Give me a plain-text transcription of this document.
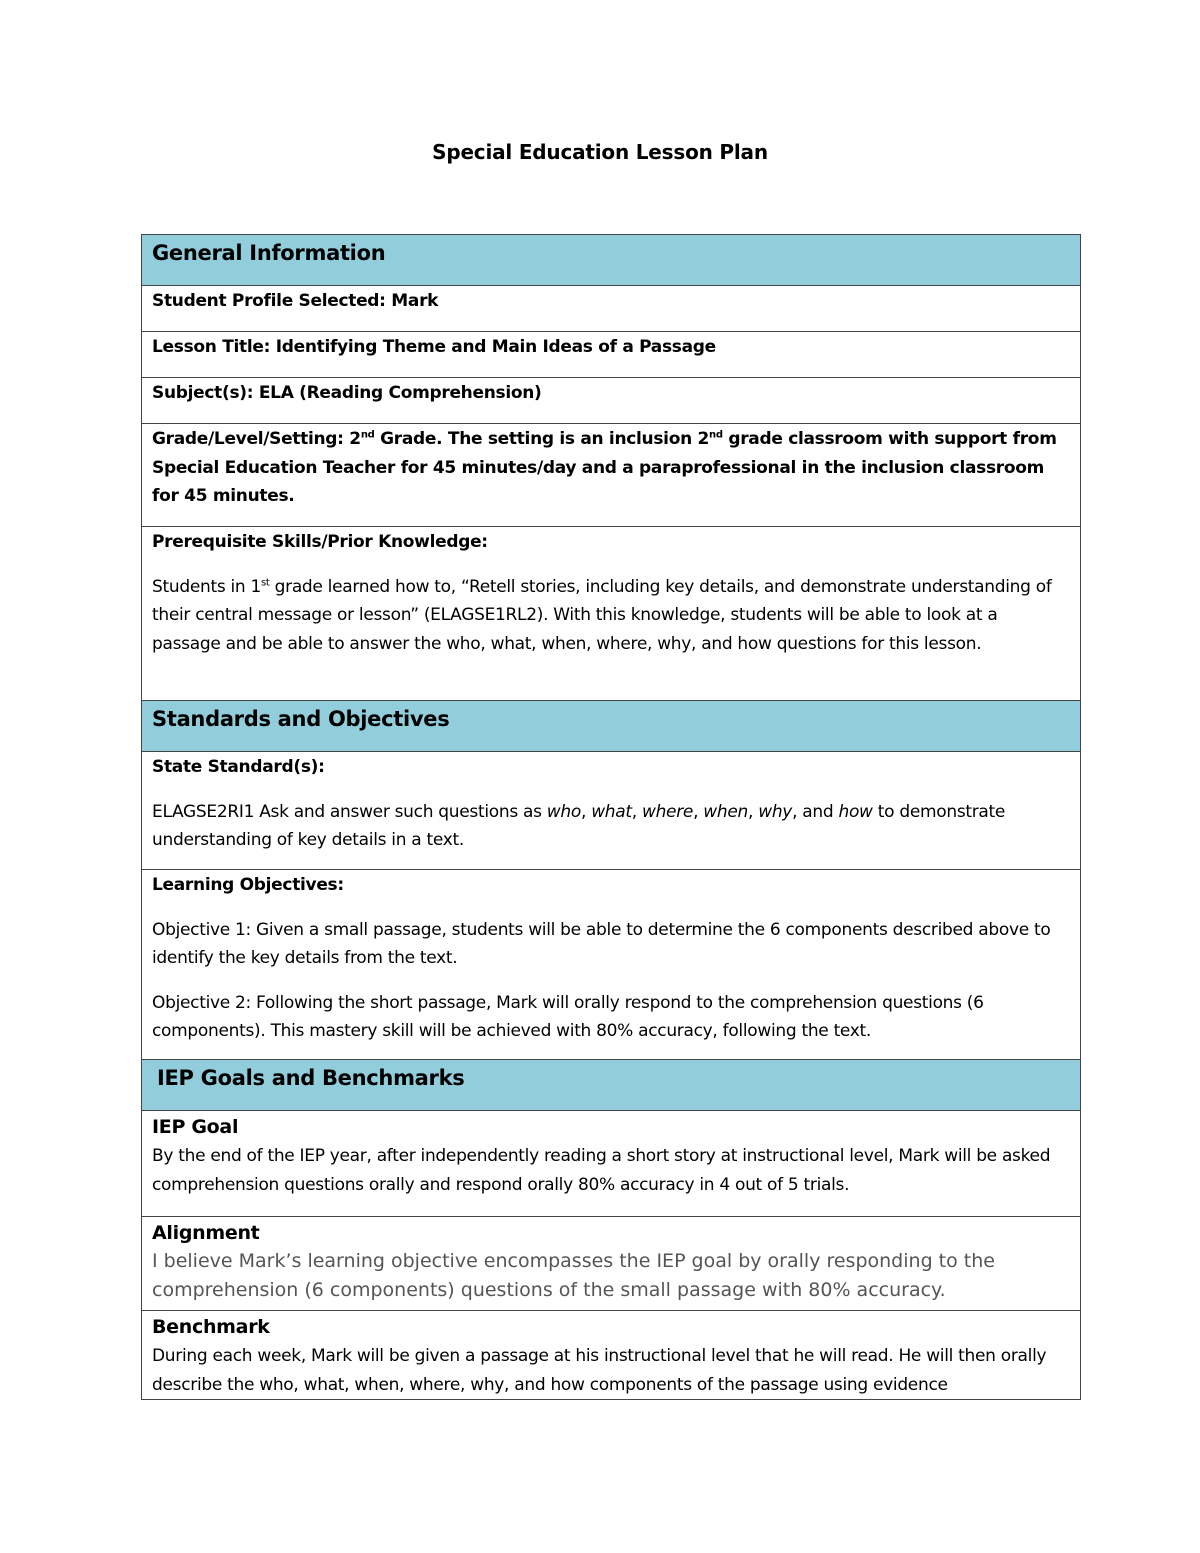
Special Education Lesson Plan
General Information

Student Profile Selected: Mark
Lesson Title: Identifying Theme and Main Ideas of a Passage
Subject(s): ELA (Reading Comprehension)
Grade/Level/Setting: 2nd Grade. The setting is an inclusion 2nd grade classroom with support from Special Education Teacher for 45 minutes/day and a paraprofessional in the inclusion classroom for 45 minutes.
Prerequisite Skills/Prior Knowledge:
Students in 1st grade learned how to, “Retell stories, including key details, and demonstrate understanding of their central message or lesson” (ELAGSE1RL2). With this knowledge, students will be able to look at a passage and be able to answer the who, what, when, where, why, and how questions for this lesson.

Standards and Objectives

State Standard(s):
ELAGSE2RI1 Ask and answer such questions as who, what, where, when, why, and how to demonstrate understanding of key details in a text.

Learning Objectives:
Objective 1: Given a small passage, students will be able to determine the 6 components described above to identify the key details from the text.
Objective 2: Following the short passage, Mark will orally respond to the comprehension questions (6 components). This mastery skill will be achieved with 80% accuracy, following the text.

IEP Goals and Benchmarks

IEP Goal
By the end of the IEP year, after independently reading a short story at instructional level, Mark will be asked comprehension questions orally and respond orally 80% accuracy in 4 out of 5 trials.

Alignment
I believe Mark’s learning objective encompasses the IEP goal by orally responding to the comprehension (6 components) questions of the small passage with 80% accuracy.

Benchmark
During each week, Mark will be given a passage at his instructional level that he will read. He will then orally describe the who, what, when, where, why, and how components of the passage using evidence
